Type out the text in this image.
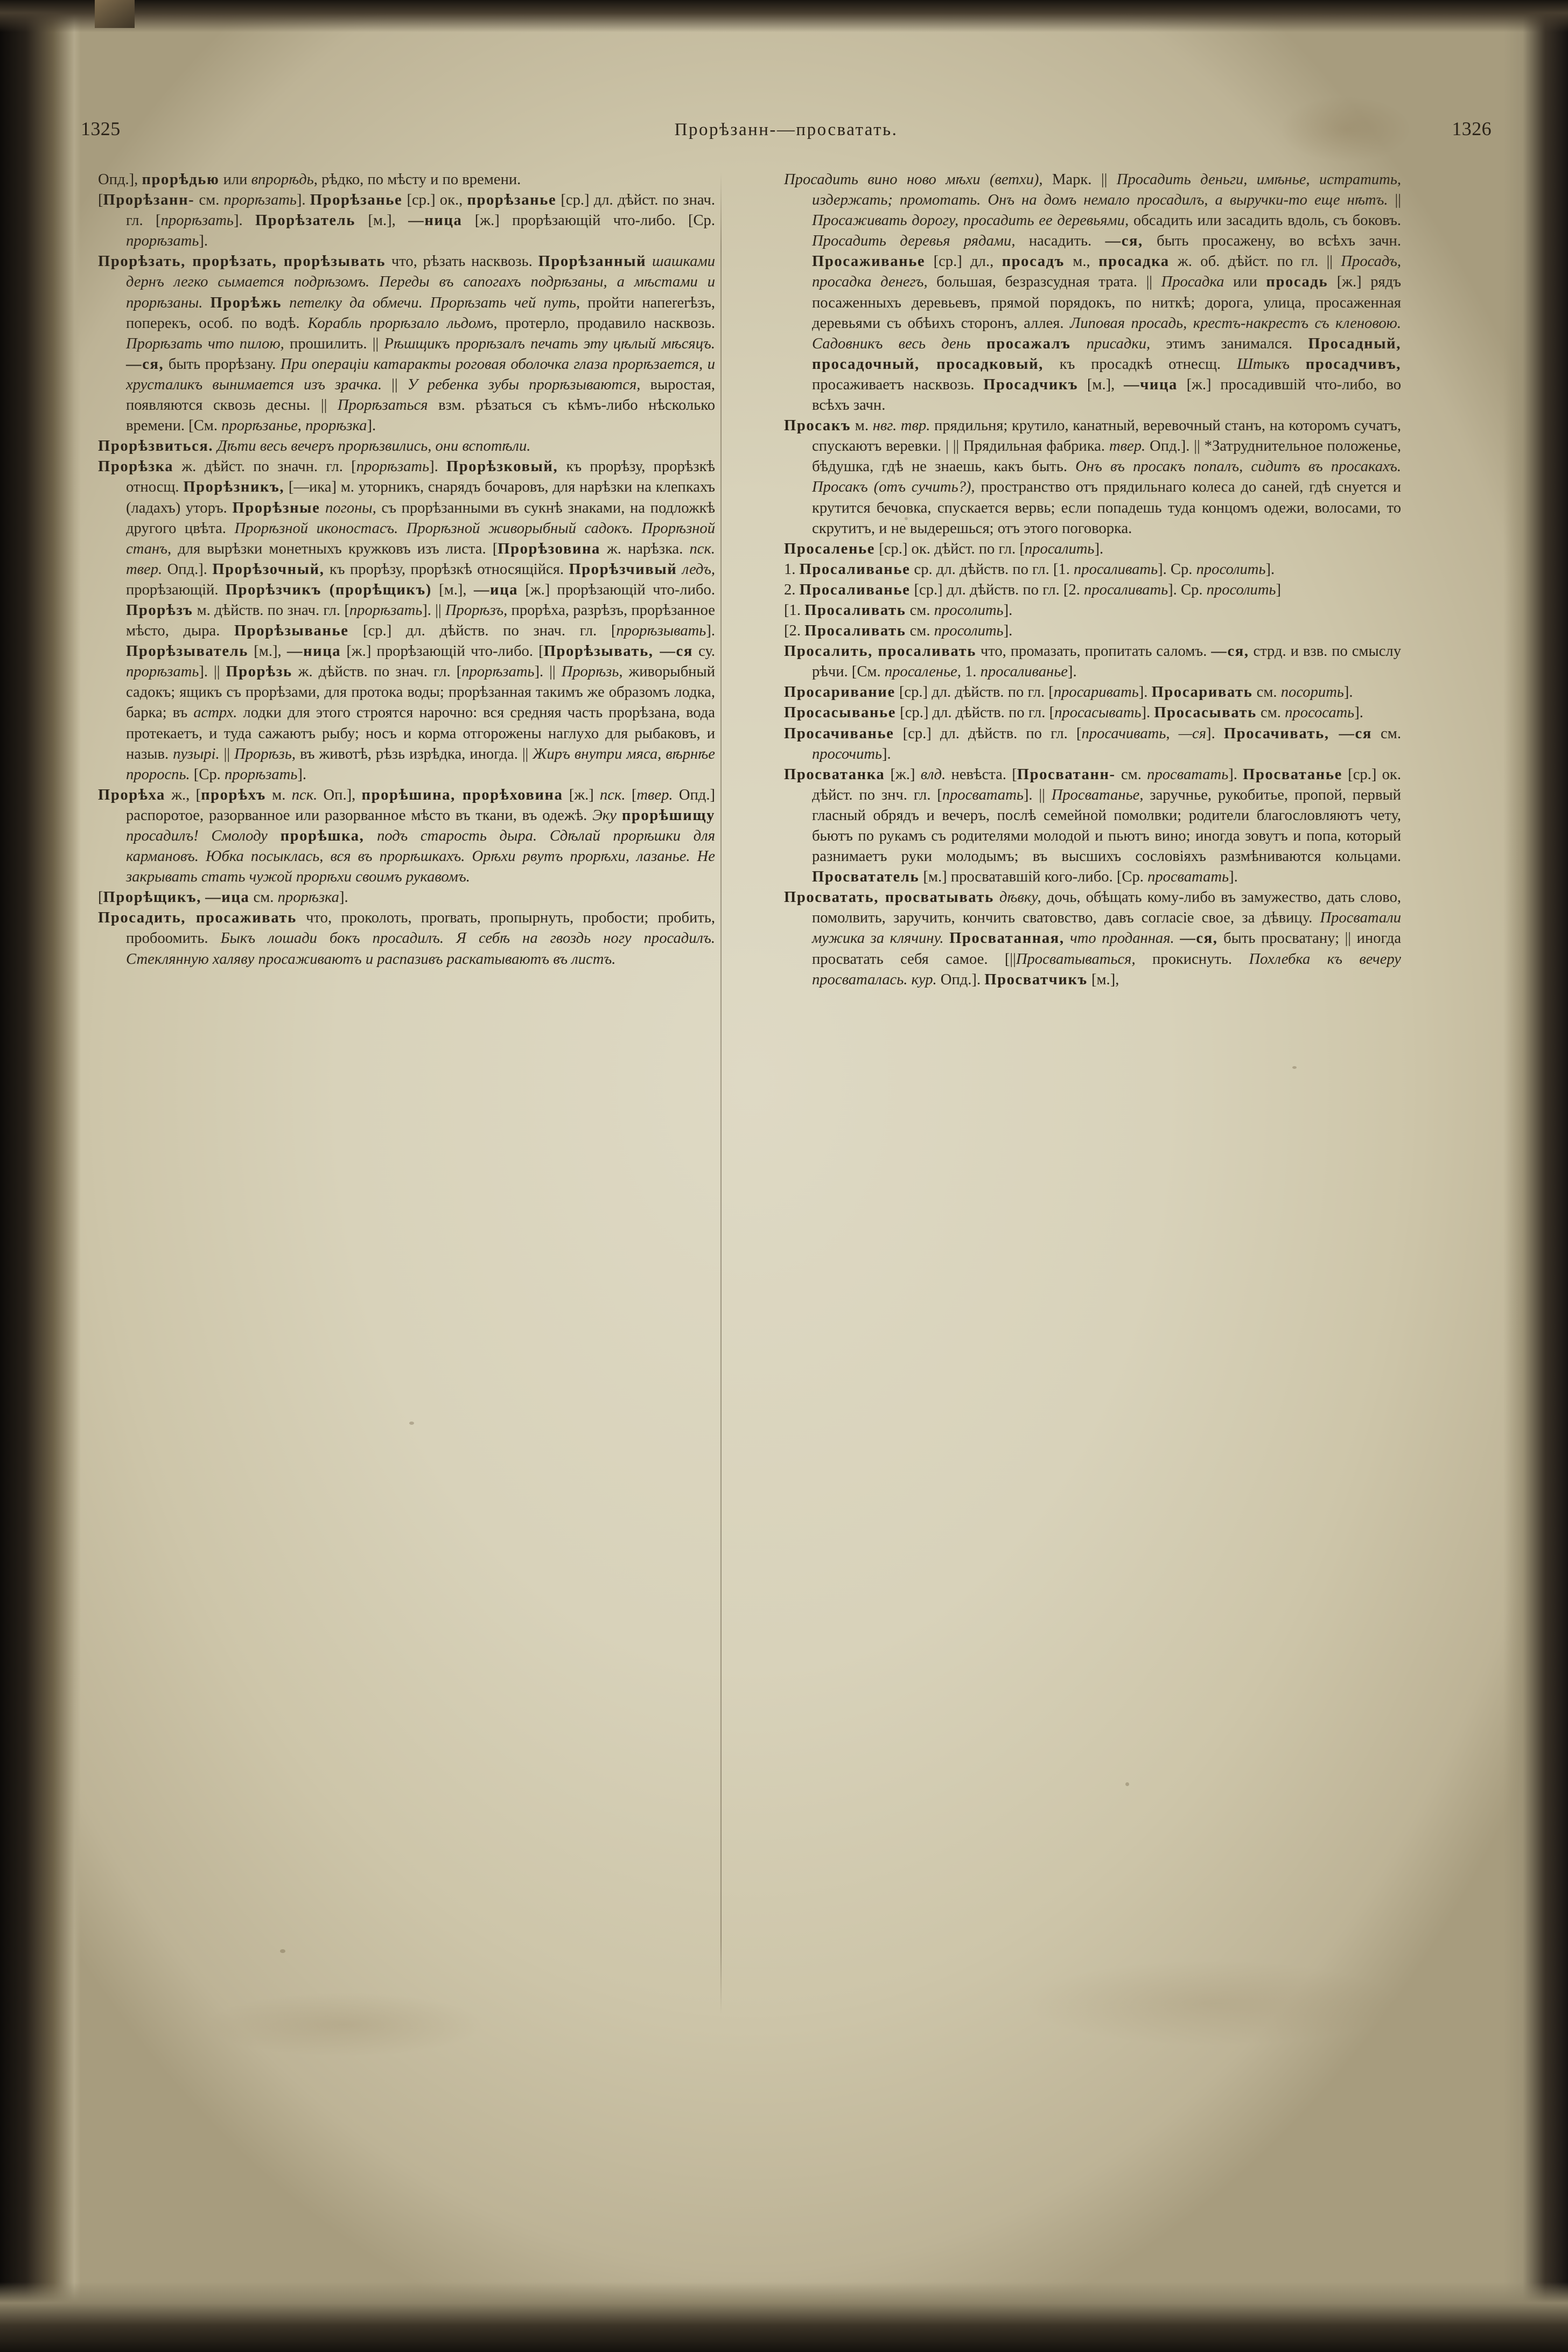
1325	Прорѣзанн-—просватать.	1326

Опд.], прорѣдью или впрорѣдь, рѣдко, по мѣсту и по времени.

[Прорѣзанн- см. прорѣзать]. Прорѣзанье [ср.] ок., прорѣзанье [ср.] дл. дѣйст. по знач. гл. [прорѣзать]. Прорѣзатель [м.], —ница [ж.] прорѣзающій что-либо. [Ср. прорѣзать].

Прорѣзать, прорѣзать, прорѣзывать что, рѣзать насквозь. Прорѣзанный шашками дернъ легко сымается подрѣзомъ. Переды въ сапогахъ подрѣзаны, а мѣстами и прорѣзаны. Прорѣжь петелку да обмечи. Прорѣзать чей путь, пройти напererѣзъ, поперекъ, особ. по водѣ. Корабль прорѣзало льдомъ, протерло, продавило насквозь. Прорѣзать что пилою, прошилить. || Рѣшщикъ прорѣзалъ печать эту цѣлый мѣсяцъ. —ся, быть прорѣзану. При операціи катаракты роговая оболочка глаза прорѣзается, и хрусталикъ вынимается изъ зрачка. || У ребенка зубы прорѣзываются, выростая, появляются сквозь десны. || Прорѣзаться взм. рѣзаться съ кѣмъ-либо нѣсколько времени. [См. прорѣзанье, прорѣзка].

Прорѣзвиться. Дѣти весь вечеръ прорѣзвились, они вспотѣли.

Прорѣзка ж. дѣйст. по значн. гл. [прорѣзать]. Прорѣзковый, къ прорѣзу, прорѣзкѣ относщ. Прорѣзникъ, [—ика] м. уторникъ, снарядъ бочаровъ, для нарѣзки на клепкахъ (ладахъ) уторъ. Прорѣзные погоны, съ прорѣзанными въ сукнѣ знаками, на подложкѣ другого цвѣта. Прорѣзной иконостасъ. Прорѣзной живорыбный садокъ. Прорѣзной станъ, для вырѣзки монетныхъ кружковъ изъ листа. [Прорѣзовина ж. нарѣзка. пск. твер. Опд.]. Прорѣзочный, къ прорѣзу, прорѣзкѣ относящійся. Прорѣзчивый ледъ, прорѣзающій. Прорѣзчикъ (прорѣщикъ) [м.], —ица [ж.] прорѣзающій что-либо. Прорѣзъ м. дѣйств. по знач. гл. [прорѣзать]. || Прорѣзъ, прорѣха, разрѣзъ, прорѣзанное мѣсто, дыра. Прорѣзыванье [ср.] дл. дѣйств. по знач. гл. [прорѣзывать]. Прорѣзыватель [м.], —ница [ж.] прорѣзающій что-либо. [Прорѣзывать, —ся су. прорѣзать]. || Прорѣзь ж. дѣйств. по знач. гл. [прорѣзать]. || Прорѣзь, живорыбный садокъ; ящикъ съ прорѣзами, для протока воды; прорѣзанная такимъ же образомъ лодка, барка; въ астрх. лодки для этого строятся нарочно: вся средняя часть прорѣзана, вода протекаетъ, и туда сажаютъ рыбу; носъ и корма отгорожены наглухо для рыбаковъ, и назыв. пузырі. || Прорѣзь, въ животѣ, рѣзь изрѣдка, иногда. || Жиръ внутри мяса, вѣрнѣе пророспь. [Ср. прорѣзать].

Прорѣха ж., [прорѣхъ м. пск. Оп.], прорѣшина, прорѣховина [ж.] пск. [твер. Опд.] распоротое, разорванное или разорванное мѣсто въ ткани, въ одежѣ. Эку прорѣшищу просадилъ! Смолоду прорѣшка, подъ старость дыра. Сдѣлай прорѣшки для кармановъ. Юбка посыклась, вся въ прорѣшкахъ. Орѣхи рвутъ прорѣхи, лазанье. Не закрывать стать чужой прорѣхи своимъ рукавомъ.

[Прорѣщикъ, —ица см. прорѣзка].

Просадить, просаживать что, проколоть, проrвать, пропырнуть, пробости; пробить, пробоомить. Быкъ лошади бокъ просадилъ. Я себѣ на гвоздь ногу просадилъ. Стеклянную халяву просаживаютъ и распазивъ раскатываютъ въ листъ.

Просадить вино ново мѣхи (ветхи), Марк. || Просадить деньги, имѣнье, истратить, издержать; промотать. Онъ на домъ немало просадилъ, а выручки-то еще нѣтъ. || Просаживать дорогу, просадить ее деревьями, обсадить или засадить вдоль, съ боковъ. Просадить деревья рядами, насадить. —ся, быть просажену, во всѣхъ зачн. Просаживанье [ср.] дл., просадъ м., просадка ж. об. дѣйст. по гл. || Просадъ, просадка денегъ, большая, безразсудная трата. || Просадка или просадь [ж.] рядъ посаженныхъ деревьевъ, прямой порядокъ, по ниткѣ; дорога, улица, просаженная деревьями съ обѣихъ сторонъ, аллея. Липовая просадь, крестъ-накрестъ съ кленовою. Садовникъ весь день просажалъ присадки, этимъ занимался. Просадный, просадочный, просадковый, къ просадкѣ отнесщ. Штыкъ просадчивъ, просаживаетъ насквозь. Просадчикъ [м.], —чица [ж.] просадившій что-либо, во всѣхъ зачн.

Просакъ м. нвг. твр. прядильня; крутило, канатный, веревочный станъ, на которомъ сучатъ, спускаютъ веревки. | || Прядильная фабрика. твер. Опд.]. || *Затруднительное положенье, бѣдушка, гдѣ не знаешь, какъ быть. Онъ въ просакъ попалъ, сидитъ въ просакахъ. Просакъ (отъ сучить?), пространство отъ прядильнаго колеса до саней, гдѣ снуется и крутится бечовка, спускается вервь; если попадешь туда концомъ одежи, волосами, то скрутитъ, и не выдерешься; отъ этого поговорка.

Просаленье [ср.] ок. дѣйст. по гл. [просалить].

1. Просаливанье ср. дл. дѣйств. по гл. [1. просаливать]. Ср. просолить].

2. Просаливанье [ср.] дл. дѣйств. по гл. [2. просаливать]. Ср. просолить]

[1. Просаливать см. просолить].

[2. Просаливать см. просолить].

Просалить, просаливать что, промазать, пропитать саломъ. —ся, стрд. и взв. по смыслу рѣчи. [См. просаленье, 1. просаливанье].

Просаривание [ср.] дл. дѣйств. по гл. [просаривать]. Просаривать см. посорить].

Просасыванье [ср.] дл. дѣйств. по гл. [просасывать]. Просасывать см. прососать].

Просачиванье [ср.] дл. дѣйств. по гл. [просачивать, —ся]. Просачивать, —ся см. просочить].

Просватанка [ж.] влд. невѣста. [Просватанн- см. просватать]. Просватанье [ср.] ок. дѣйст. по знч. гл. [просватать]. || Просватанье, заручнье, рукобитье, пропой, первый гласный обрядъ и вечеръ, послѣ семейной помолвки; родители благословляютъ чету, бьютъ по рукамъ съ родителями молодой и пьютъ вино; иногда зовутъ и попа, который разнимаетъ руки молодымъ; въ высшихъ сословіяхъ размѣниваются кольцами. Просвататель [м.] просватавшій кого-либо. [Ср. просватать].

Просватать, просватывать дѣвку, дочь, обѣщать кому-либо въ замужество, дать слово, помолвить, заручить, кончить сватовство, давъ согласіе свое, за дѣвицу. Просватали мужика за клячину. Просватанная, что проданная. —ся, быть просватану; || иногда просватать себя самое. [||Просватываться, прокиснуть. Похлебка къ вечеру просваталась. кур. Опд.]. Просватчикъ [м.],
